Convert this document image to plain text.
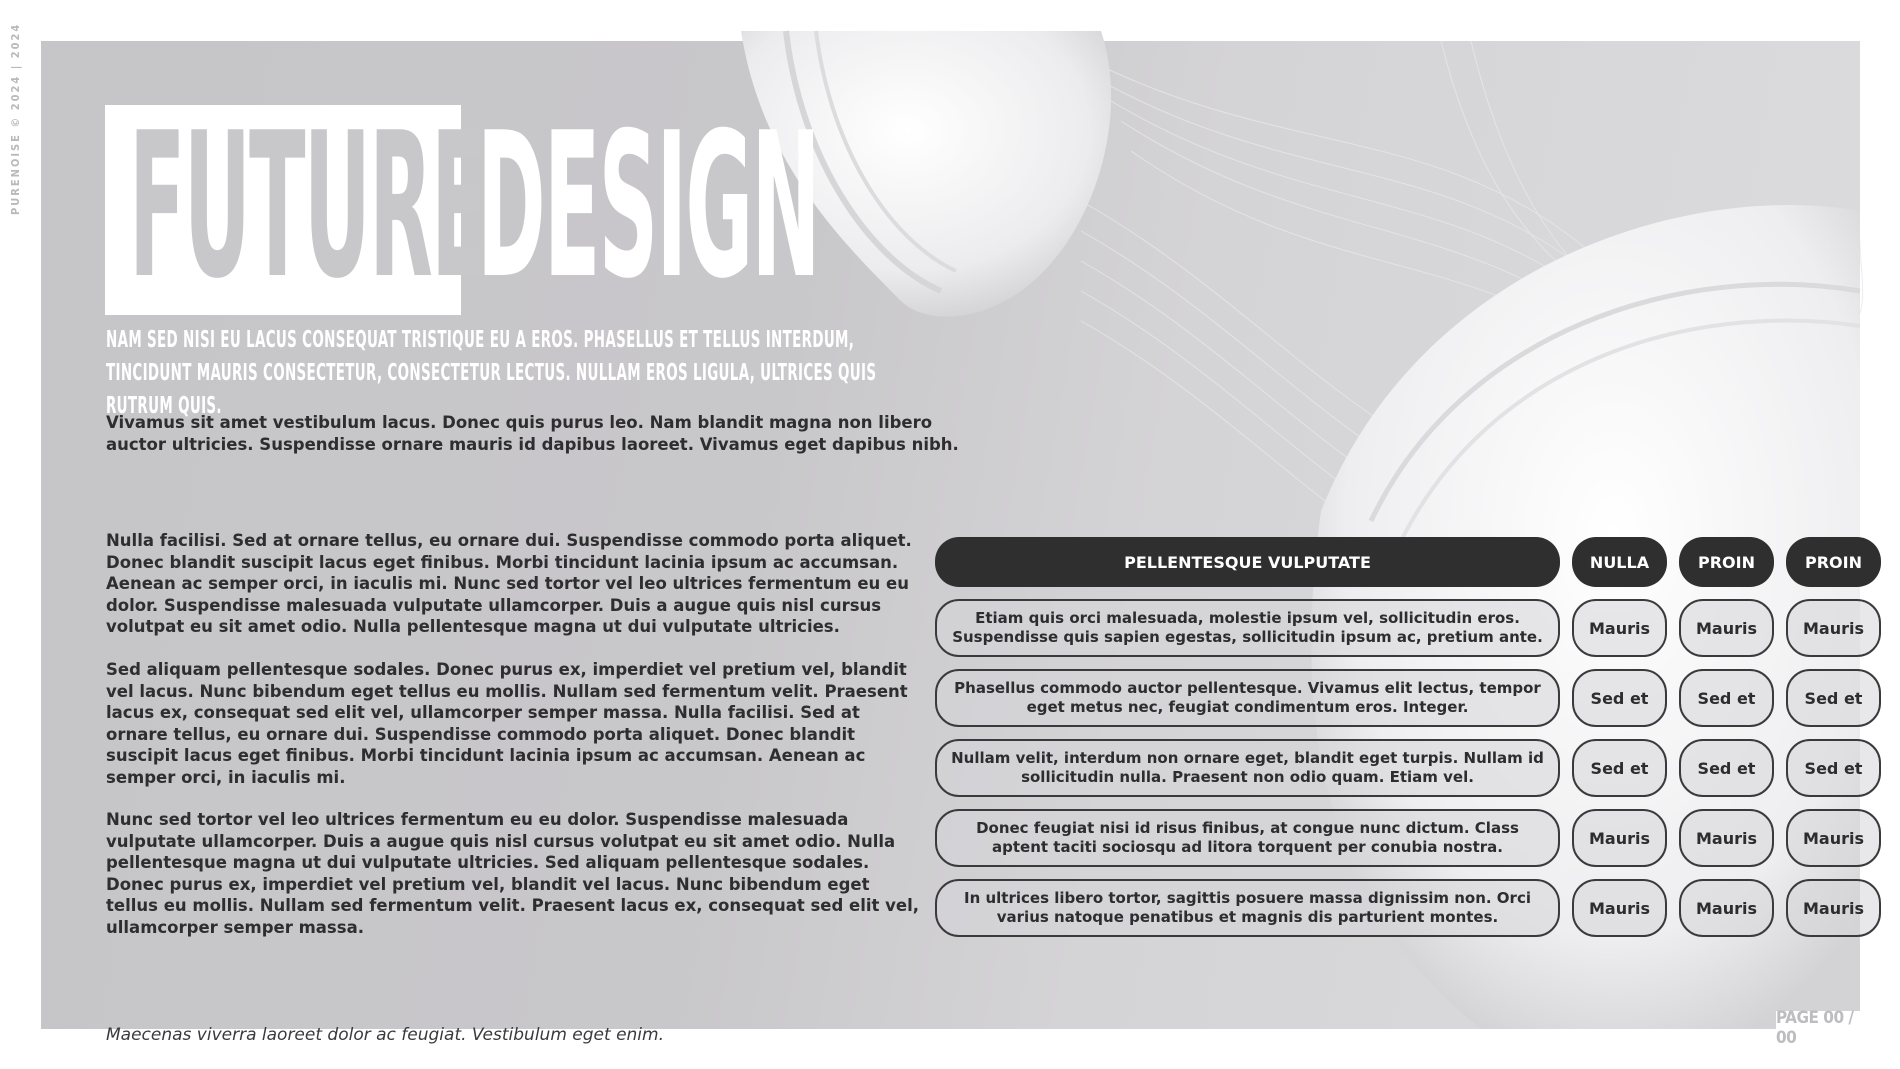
PURENOISE © 2024 | 2024 FUTURE
DESIGN
NAM SED NISI EU LACUS CONSEQUAT TRISTIQUE EU A EROS. PHASELLUS ET TELLUS INTERDUM, TINCIDUNT MAURIS CONSECTETUR, CONSECTETUR LECTUS. NULLAM EROS LIGULA, ULTRICES QUIS RUTRUM QUIS.

Vivamus sit amet vestibulum lacus. Donec quis purus leo. Nam blandit magna non libero auctor ultricies. Suspendisse ornare mauris id dapibus laoreet. Vivamus eget dapibus nibh.

Nulla facilisi. Sed at ornare tellus, eu ornare dui. Suspendisse commodo porta aliquet. Donec blandit suscipit lacus eget finibus. Morbi tincidunt lacinia ipsum ac accumsan. Aenean ac semper orci, in iaculis mi. Nunc sed tortor vel leo ultrices fermentum eu eu dolor. Suspendisse malesuada vulputate ullamcorper. Duis a augue quis nisl cursus volutpat eu sit amet odio. Nulla pellentesque magna ut dui vulputate ultricies.

Sed aliquam pellentesque sodales. Donec purus ex, imperdiet vel pretium vel, blandit vel lacus. Nunc bibendum eget tellus eu mollis. Nullam sed fermentum velit. Praesent lacus ex, consequat sed elit vel, ullamcorper semper massa. Nulla facilisi. Sed at ornare tellus, eu ornare dui. Suspendisse commodo porta aliquet. Donec blandit suscipit lacus eget finibus. Morbi tincidunt lacinia ipsum ac accumsan. Aenean ac semper orci, in iaculis mi.

Nunc sed tortor vel leo ultrices fermentum eu eu dolor. Suspendisse malesuada vulputate ullamcorper. Duis a augue quis nisl cursus volutpat eu sit amet odio. Nulla pellentesque magna ut dui vulputate ultricies. Sed aliquam pellentesque sodales. Donec purus ex, imperdiet vel pretium vel, blandit vel lacus. Nunc bibendum eget tellus eu mollis. Nullam sed fermentum velit. Praesent lacus ex, consequat sed elit vel, ullamcorper semper massa.

Maecenas viverra laoreet dolor ac feugiat. Vestibulum eget enim.
PAGE 00 / 00
PELLENTESQUE VULPUTATE	NULLA	PROIN	PROIN
Etiam quis orci malesuada, molestie ipsum vel, sollicitudin eros. Suspendisse quis sapien egestas, sollicitudin ipsum ac, pretium ante.	Mauris	Mauris	Mauris
Phasellus commodo auctor pellentesque. Vivamus elit lectus, tempor eget metus nec, feugiat condimentum eros. Integer.	Sed et	Sed et	Sed et
Nullam velit, interdum non ornare eget, blandit eget turpis. Nullam id sollicitudin nulla. Praesent non odio quam. Etiam vel.	Sed et	Sed et	Sed et
Donec feugiat nisi id risus finibus, at congue nunc dictum. Class aptent taciti sociosqu ad litora torquent per conubia nostra.	Mauris	Mauris	Mauris
In ultrices libero tortor, sagittis posuere massa dignissim non. Orci varius natoque penatibus et magnis dis parturient montes.	Mauris	Mauris	Mauris
